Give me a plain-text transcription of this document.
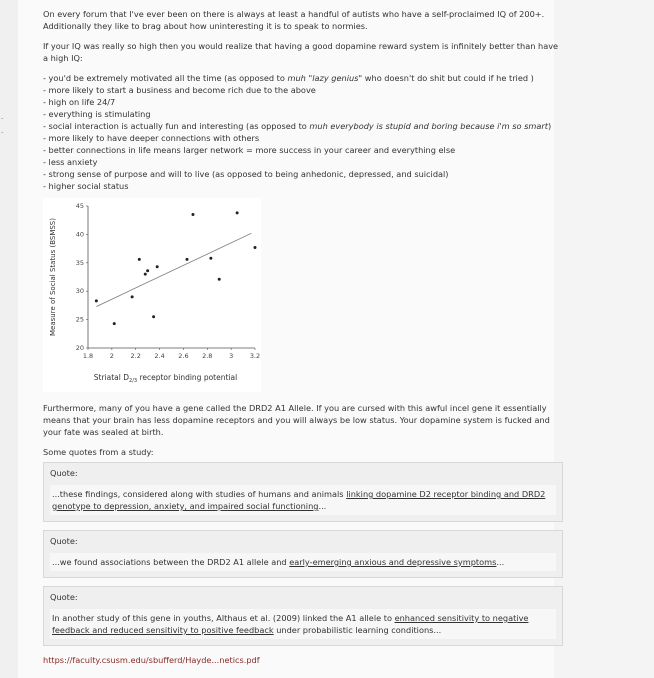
·
·

On every forum that I've ever been on there is always at least a handful of autists who have a self-proclaimed IQ of 200+. Additionally they like to brag about how uninteresting it is to speak to normies.

If your IQ was really so high then you would realize that having a good dopamine reward system is infinitely better than have a high IQ:

- you'd be extremely motivated all the time (as opposed to muh "lazy genius" who doesn't do shit but could if he tried )
- more likely to start a business and become rich due to the above
- high on life 24/7
- everything is stimulating
- social interaction is actually fun and interesting (as opposed to muh everybody is stupid and boring because i'm so smart)
- more likely to have deeper connections with others
- better connections in life means larger network = more success in your career and everything else
- less anxiety
- strong sense of purpose and will to live (as opposed to being anhedonic, depressed, and suicidal)
- higher social status
1.8	2	2.2 2.4 2.6 2.8	3	3.2
20
25
30
35
40
45
Measure of Social Status (BSMSS)
Striatal $D_{2/3}$ receptor binding potential

Furthermore, many of you have a gene called the DRD2 A1 Allele. If you are cursed with this awful incel gene it essentially means that your brain has less dopamine receptors and you will always be low status. Your dopamine system is fucked and your fate was sealed at birth.

Some quotes from a study:
Quote:
...these findings, considered along with studies of humans and animals linking dopamine D2 receptor binding and DRD2 genotype to depression, anxiety, and impaired social functioning...
Quote:
...we found associations between the DRD2 A1 allele and early-emerging anxious and depressive symptoms...
Quote:
In another study of this gene in youths, Althaus et al. (2009) linked the A1 allele to enhanced sensitivity to negative feedback and reduced sensitivity to positive feedback under probabilistic learning conditions...
https://faculty.csusm.edu/sbufferd/Hayde...netics.pdf
